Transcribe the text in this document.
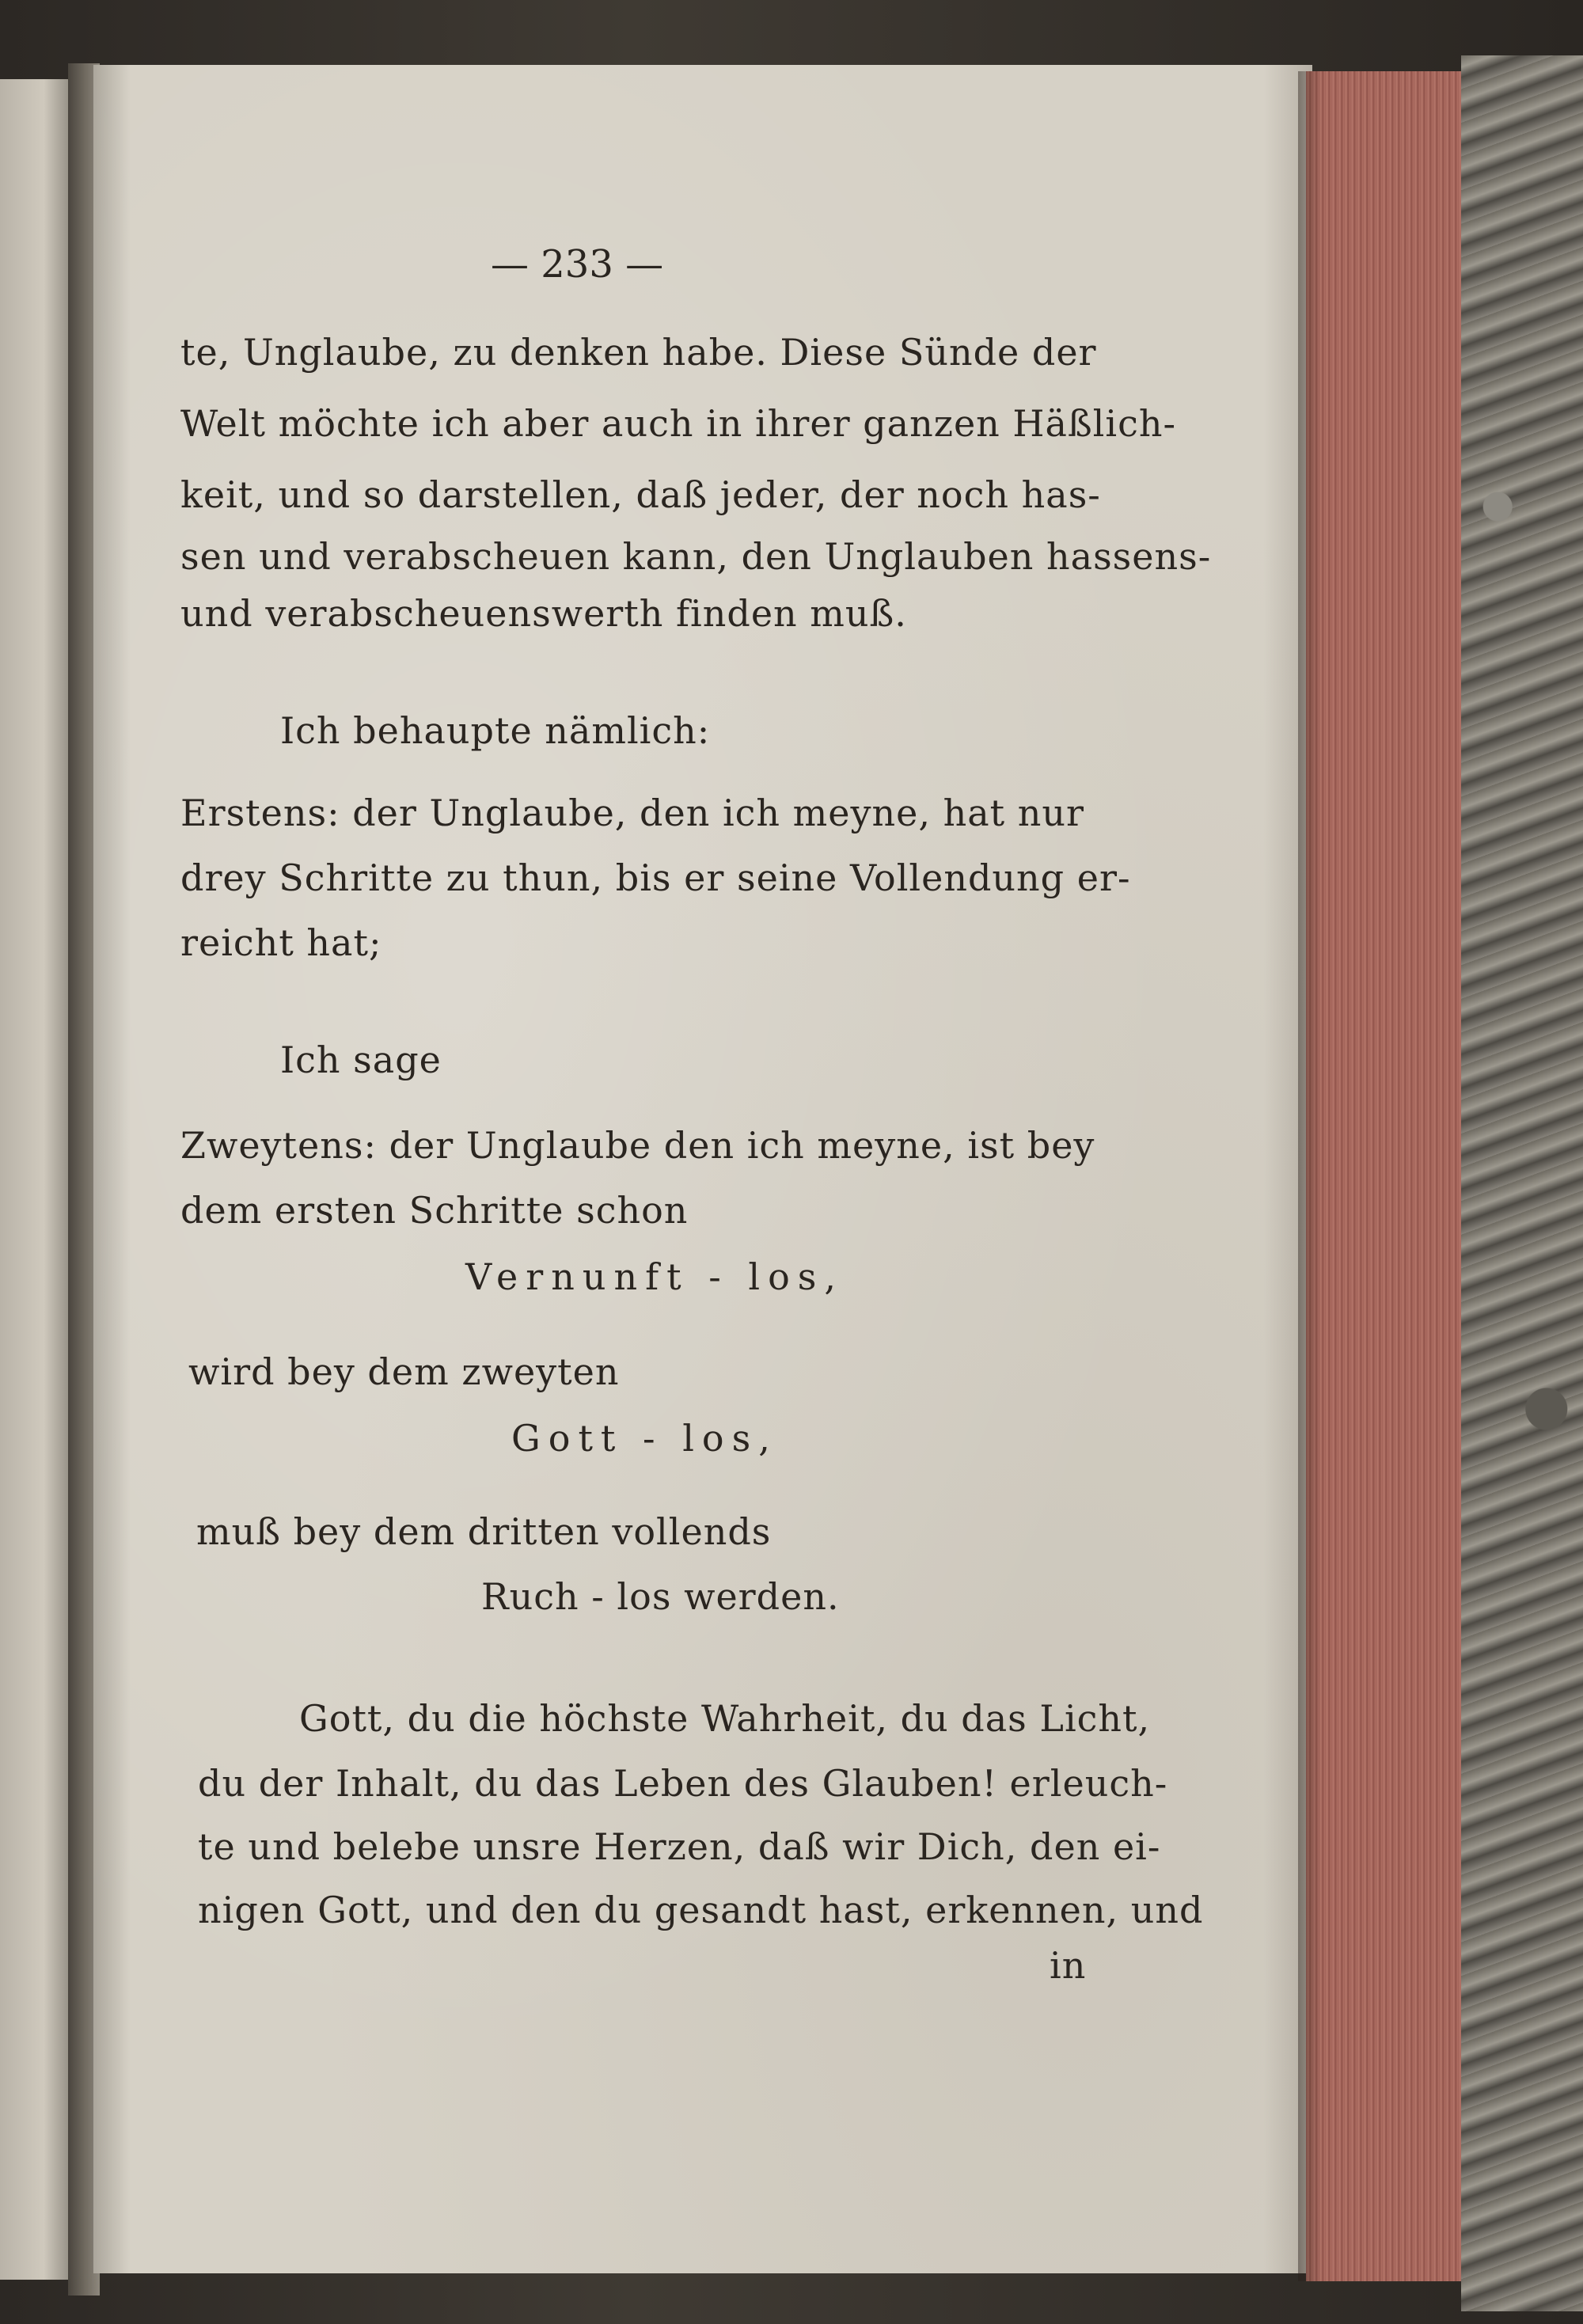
— 233 —
te, Unglaube, zu denken habe. Diese Sünde der
Welt möchte ich aber auch in ihrer ganzen Häßlich-
keit, und so darstellen, daß jeder, der noch has-
sen und verabscheuen kann, den Unglauben hassens-
und verabscheuenswerth finden muß.
Ich behaupte nämlich:
Erstens: der Unglaube, den ich meyne, hat nur
drey Schritte zu thun, bis er seine Vollendung er-
reicht hat;
Ich sage
Zweytens: der Unglaube den ich meyne, ist bey
dem ersten Schritte schon
Vernunft - los,
wird bey dem zweyten
Gott - los,
muß bey dem dritten vollends
Ruch - los werden.
Gott, du die höchste Wahrheit, du das Licht,
du der Inhalt, du das Leben des Glauben! erleuch-
te und belebe unsre Herzen, daß wir Dich, den ei-
nigen Gott, und den du gesandt hast, erkennen, und
in
